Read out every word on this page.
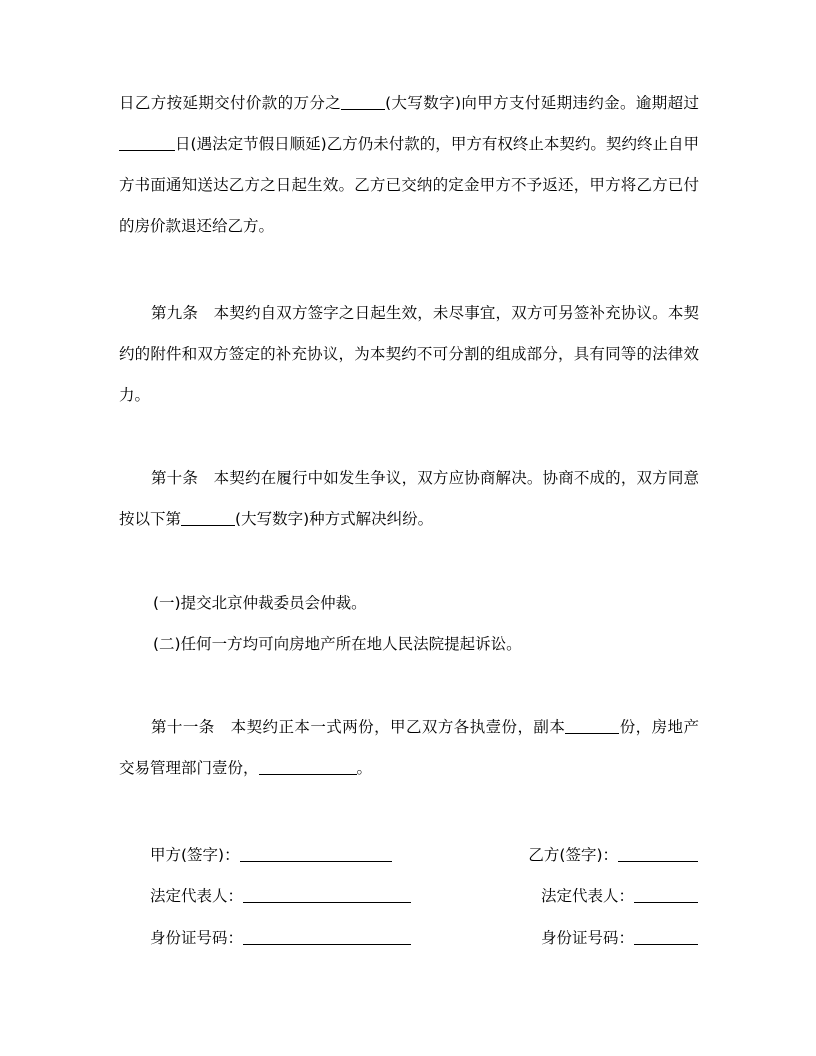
日乙方按延期交付价款的万分之	(大写数字)向甲方支付延期违约金。逾期超过日(遇法定节假日顺延)乙方仍未付款的，甲方有权终止本契约。契约终止自甲方书面通知送达乙方之日起生效。乙方已交纳的定金甲方不予返还，甲方将乙方已付的房价款退还给乙方。

第九条　本契约自双方签字之日起生效，未尽事宜，双方可另签补充协议。本契约的附件和双方签定的补充协议，为本契约不可分割的组成部分，具有同等的法律效力。

第十条　本契约在履行中如发生争议，双方应协商解决。协商不成的，双方同意按以下第	(大写数字)种方式解决纠纷。

(一)提交北京仲裁委员会仲裁。

(二)任何一方均可向房地产所在地人民法院提起诉讼。

第十一条　本契约正本一式两份，甲乙双方各执壹份，副本	份，房地产交易管理部门壹份，	。

甲方(签字)：	乙方(签字)：
法定代表人：	法定代表人：
身份证号码：	身份证号码：
